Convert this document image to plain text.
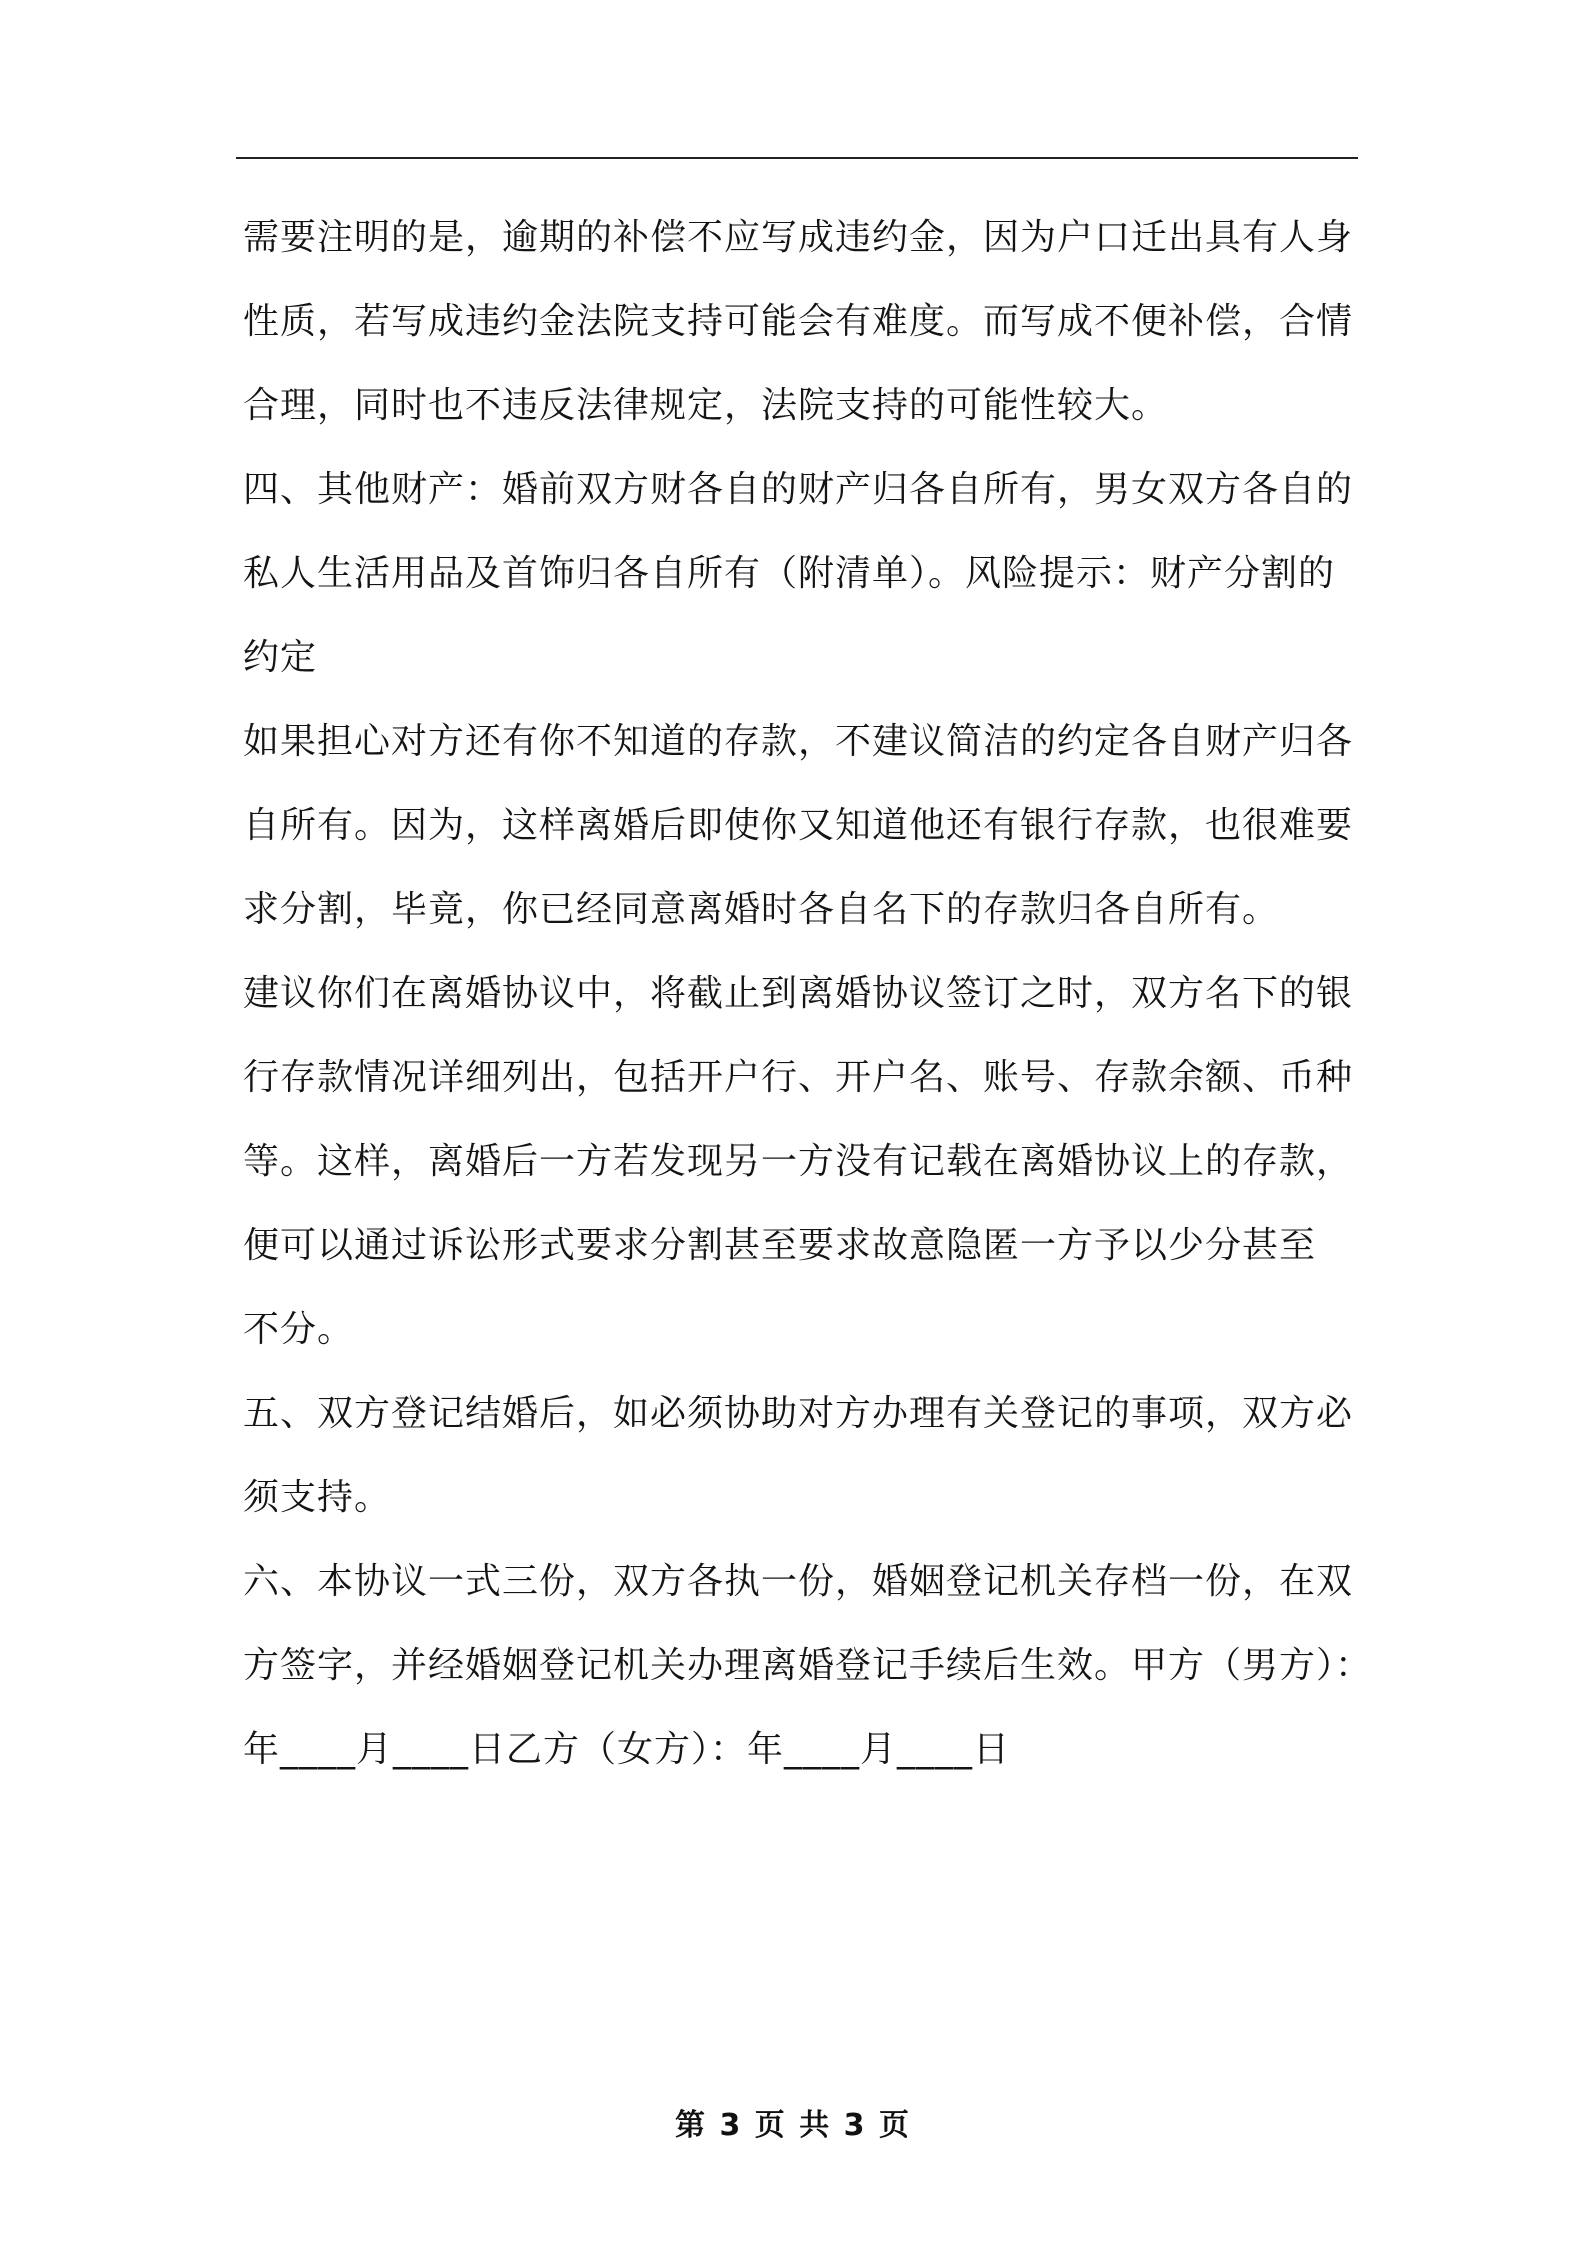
需要注明的是，逾期的补偿不应写成违约金，因为户口迁出具有人身
性质，若写成违约金法院支持可能会有难度。而写成不便补偿，合情
合理，同时也不违反法律规定，法院支持的可能性较大。
四、其他财产：婚前双方财各自的财产归各自所有，男女双方各自的
私人生活用品及首饰归各自所有（附清单）。风险提示：财产分割的
约定
如果担心对方还有你不知道的存款，不建议简洁的约定各自财产归各
自所有。因为，这样离婚后即使你又知道他还有银行存款，也很难要
求分割，毕竟，你已经同意离婚时各自名下的存款归各自所有。
建议你们在离婚协议中，将截止到离婚协议签订之时，双方名下的银
行存款情况详细列出，包括开户行、开户名、账号、存款余额、币种
等。这样，离婚后一方若发现另一方没有记载在离婚协议上的存款，
便可以通过诉讼形式要求分割甚至要求故意隐匿一方予以少分甚至
不分。
五、双方登记结婚后，如必须协助对方办理有关登记的事项，双方必
须支持。
六、本协议一式三份，双方各执一份，婚姻登记机关存档一份，在双
方签字，并经婚姻登记机关办理离婚登记手续后生效。甲方（男方）：
年____月____日乙方（女方）：年____月____日
第 3 页 共 3 页
